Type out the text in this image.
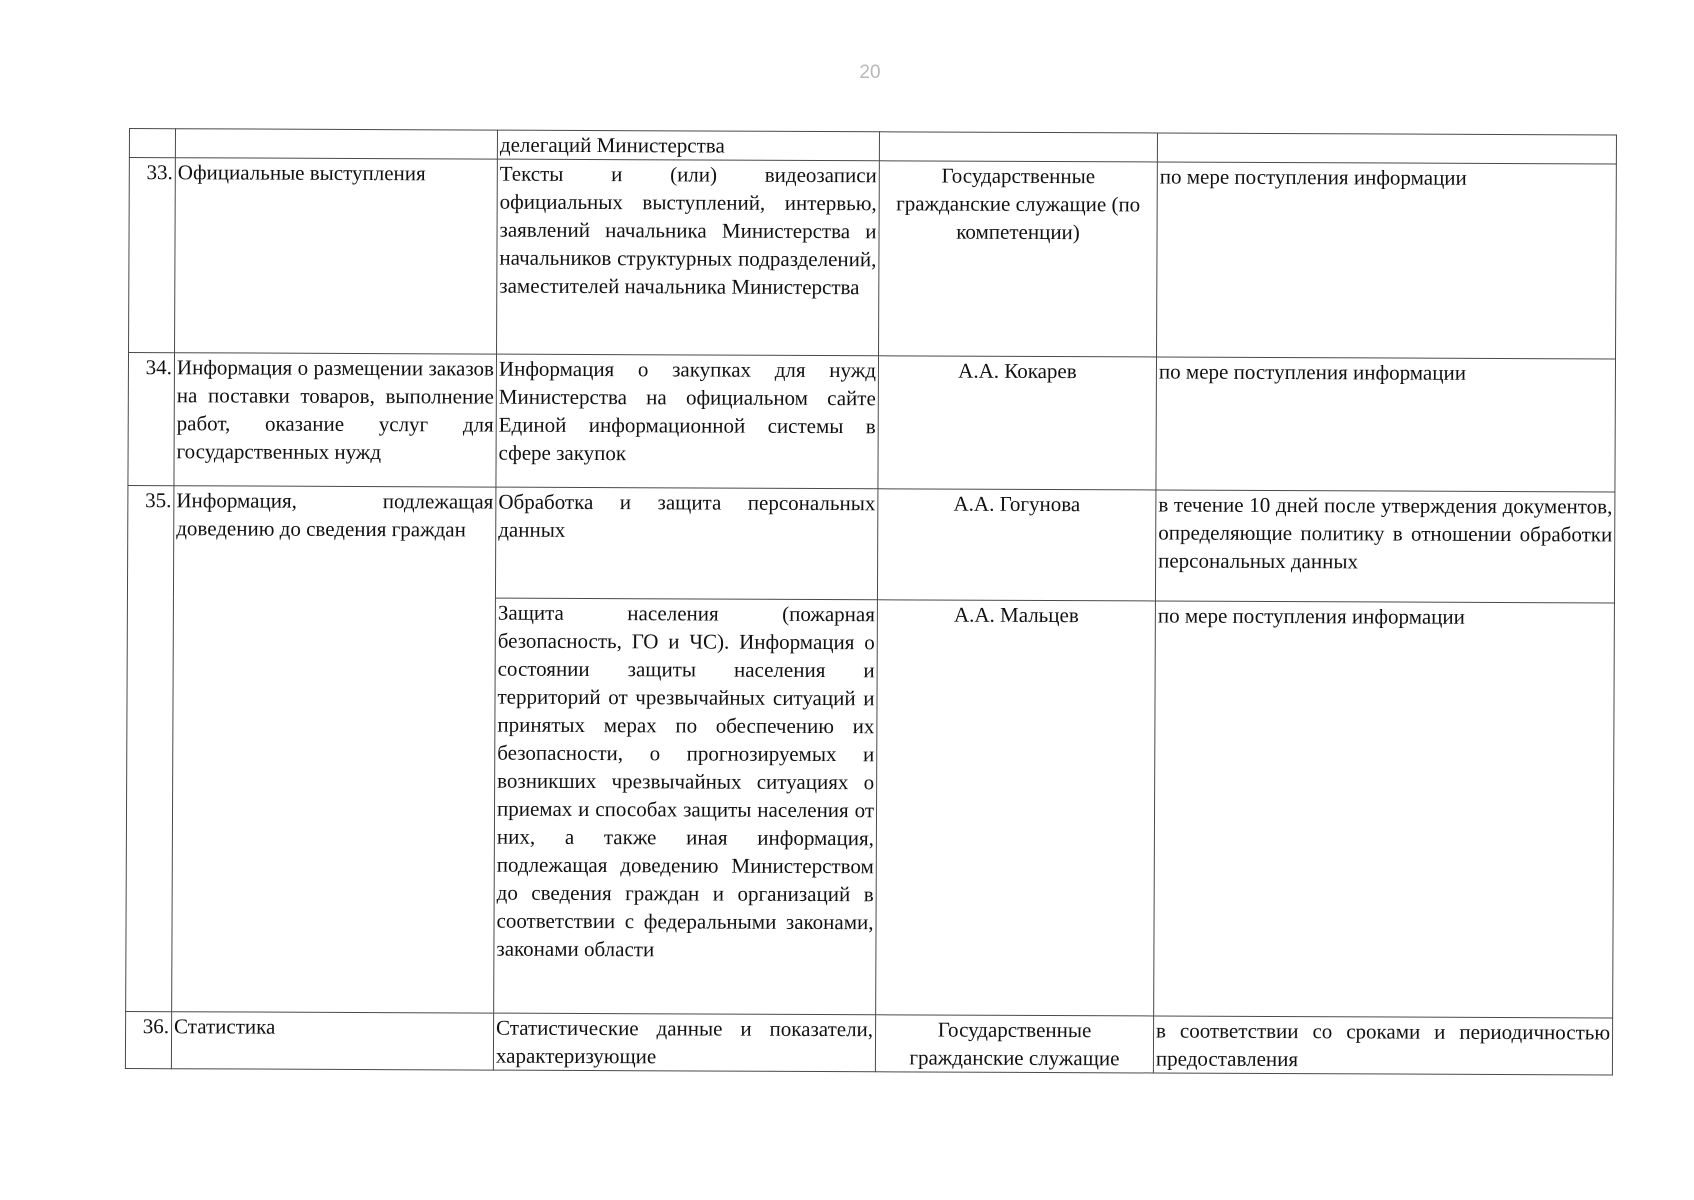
20
		делегаций Министерства		
33.	Официальные выступления	Тексты и (или) видеозаписи официальных выступлений, интервью, заявлений начальника Министерства и начальников структурных подразделений, заместителей начальника Министерства	Государственные гражданские служащие (по компетенции)	по мере поступления информации
34.	Информация о размещении заказов на поставки товаров, выполнение работ, оказание услуг для государственных нужд	Информация о закупках для нужд Министерства на официальном сайте Единой информационной системы в сфере закупок	А.А. Кокарев	по мере поступления информации
35.	Информация, подлежащая доведению до сведения граждан	Обработка и защита персональных данных	А.А. Гогунова	в течение 10 дней после утверждения документов, определяющие политику в отношении обработки персональных данных
		Защита населения (пожарная безопасность, ГО и ЧС). Информация о состоянии защиты населения и территорий от чрезвычайных ситуаций и принятых мерах по обеспечению их безопасности, о прогнозируемых и возникших чрезвычайных ситуациях о приемах и способах защиты населения от них, а также иная информация, подлежащая доведению Министерством до сведения граждан и организаций в соответствии с федеральными законами, законами области	А.А. Мальцев	по мере поступления информации
36.	Статистика	Статистические данные и показатели, характеризующие	Государственные гражданские служащие	в соответствии со сроками и периодичностью предоставления
